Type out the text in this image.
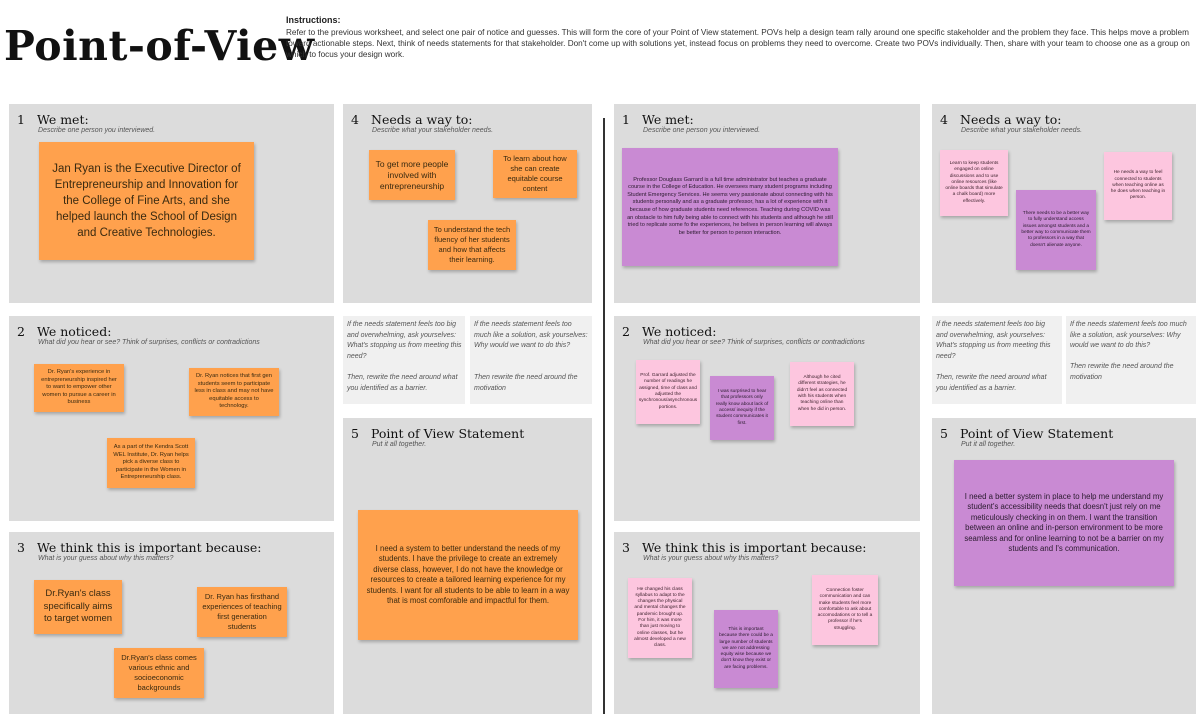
Point-of-View
Instructions:
Refer to the previous worksheet, and select one pair of notice and guesses. This will form the core of your Point of View statement. POVs help a design team rally around one specific stakeholder and the problem they face. This helps move a problem toward actionable steps. Next, think of needs statements for that stakeholder. Don't come up with solutions yet, instead focus on problems they need to overcome. Create two POVs individually. Then, share with your team to choose one as a group on which to focus your design work.
1 We met:
Describe one person you interviewed.
Jan Ryan is the Executive Director of Entrepreneurship and Innovation for the College of Fine Arts, and she helped launch the School of Design and Creative Technologies.
2 We noticed:
What did you hear or see? Think of surprises, conflicts or contradictions
Dr. Ryan's experience in entrepreneurship inspired her to want to empower other women to pursue a career in business
Dr. Ryan notices that first gen students seem to participate less in class and may not have equitable access to technology.
As a part of the Kendra Scott WEL Institute, Dr. Ryan helps pick a diverse class to participate in the Women in Entrepreneurship class.
3 We think this is important because:
What is your guess about why this matters?
Dr.Ryan's class specifically aims to target women
Dr. Ryan has firsthand experiences of teaching first generation students
Dr.Ryan's class comes various ethnic and socioeconomic backgrounds
4 Needs a way to:
Describe what your stakeholder needs.
To get more people involved with entrepreneurship
To learn about how she can create equitable course content
To understand the tech fluency of her students and how that affects their learning.
If the needs statement feels too big and overwhelming, ask yourselves: What's stopping us from meeting this need?
Then, rewrite the need around what you identified as a barrier.
If the needs statement feels too much like a solution, ask yourselves: Why would we want to do this?
Then rewrite the need around the motivation
5 Point of View Statement
Put it all together.
I need a system to better understand the needs of my students. I have the privilege to create an extremely diverse class, however, I do not have the knowledge or resources to create a tailored learning experience for my students. I want for all students to be able to learn in a way that is most comforable and impactful for them.
1 We met:
Describe one person you interviewed.
Professor Douglass Garrard is a full time administrator but teaches a graduate course in the College of Education. He oversees many student programs including Student Emergency Services. He seems very passionate about connecting with his students personally and as a graduate professor, has a lot of experience with it because of how graduate students need references. Teaching during COVID was an obstacle to him fully being able to connect with his students and although he still tried to replicate some fo the experiences, he belives in person learning will always be better for person to person interaction.
2 We noticed:
What did you hear or see? Think of surprises, conflicts or contradictions
Prof. Garrard adjusted the number of readings he assigned, time of class and adjusted the synchronous/asynchronous portions.
I was surprised to hear that professors only really know about lack of access/ inequity if the student communicates it first.
Although he cited different strategies, he didn't feel as connected with his students when teaching online than when he did in person.
3 We think this is important because:
What is your guess about why this matters?
He changed his class syllabus to adapt to the changes the physical and mental changes the pandemic brought up. For him, it was more than just moving to online classes, but he almost developed a new class.
This is important because there could be a large number of students we are not addressing equity wise because we don't know they exist or are facing problems.
Connection foster communication and can make students feel more comfortable to ask about accomodations or to tell a professor if he's struggling.
4 Needs a way to:
Describe what your stakeholder needs.
Learn to keep students engaged on online discussions and to use online resources (like online boards that simulate a chalk board) more effectively.
There needs to be a better way to fully understand access issues amongst students and a better way to communicate them to professors in a way that doesn't alienate anyone.
He needs a way to feel connected to students when teaching online as he does when teaching in person.
If the needs statement feels too big and overwhelming, ask yourselves: What's stopping us from meeting this need?
Then, rewrite the need around what you identified as a barrier.
If the needs statement feels too much like a solution, ask yourselves: Why would we want to do this?
Then rewrite the need around the motivation
5 Point of View Statement
Put it all together.
I need a better system in place to help me understand my student's accessibility needs that doesn't just rely on me meticulously checking in on them. I want the transition between an online and in-person environment to be more seamless and for online learning to not be a barrier on my students and I's communication.
